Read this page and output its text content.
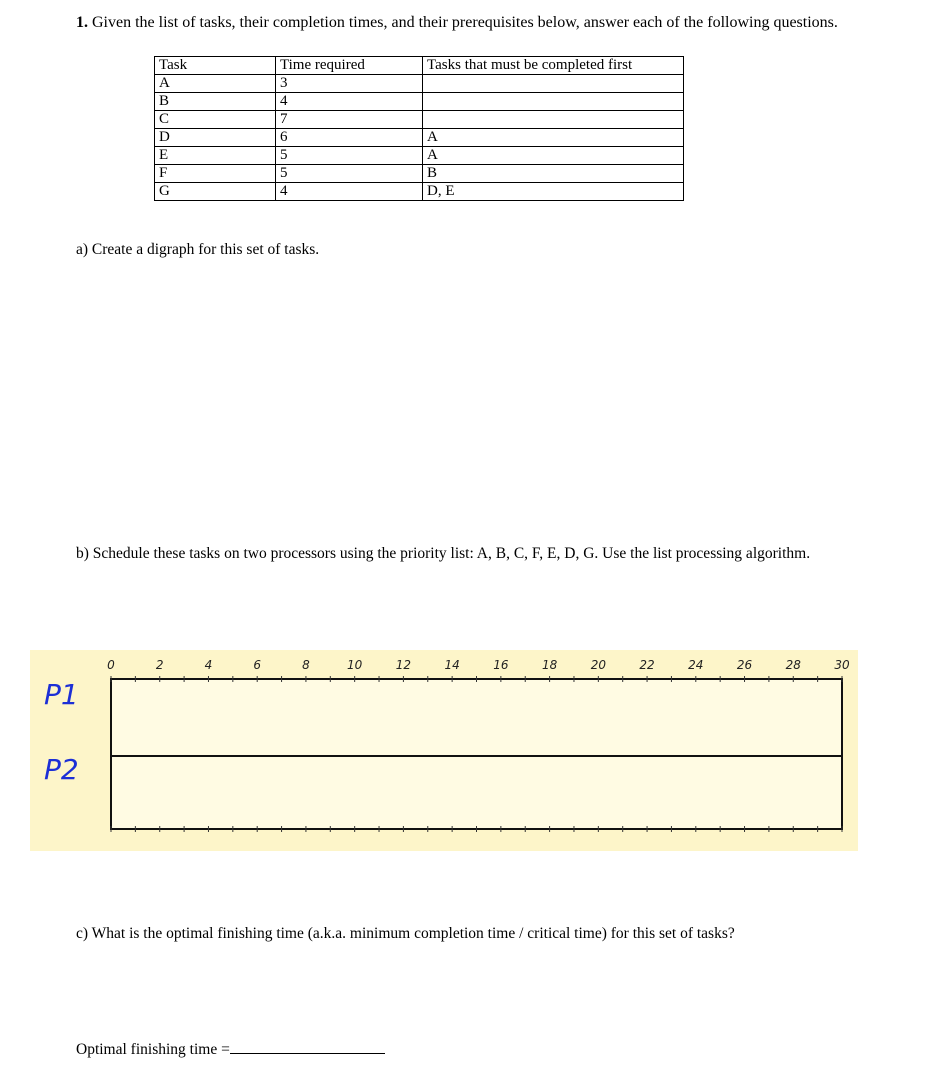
1. Given the list of tasks, their completion times, and their prerequisites below, answer each of the following questions.
Task	Time required	Tasks that must be completed first
A	3	
B	4	
C	7	
D	6	A
E	5	A
F	5	B
G	4	D, E
a) Create a digraph for this set of tasks.
b) Schedule these tasks on two processors using the priority list: A, B, C, F, E, D, G. Use the list processing algorithm.
0	2	4	6	8	10	12	14	16	18	20	22	24	26	28	30
P1
P2
c) What is the optimal finishing time (a.k.a. minimum completion time / critical time) for this set of tasks?
Optimal finishing time =
